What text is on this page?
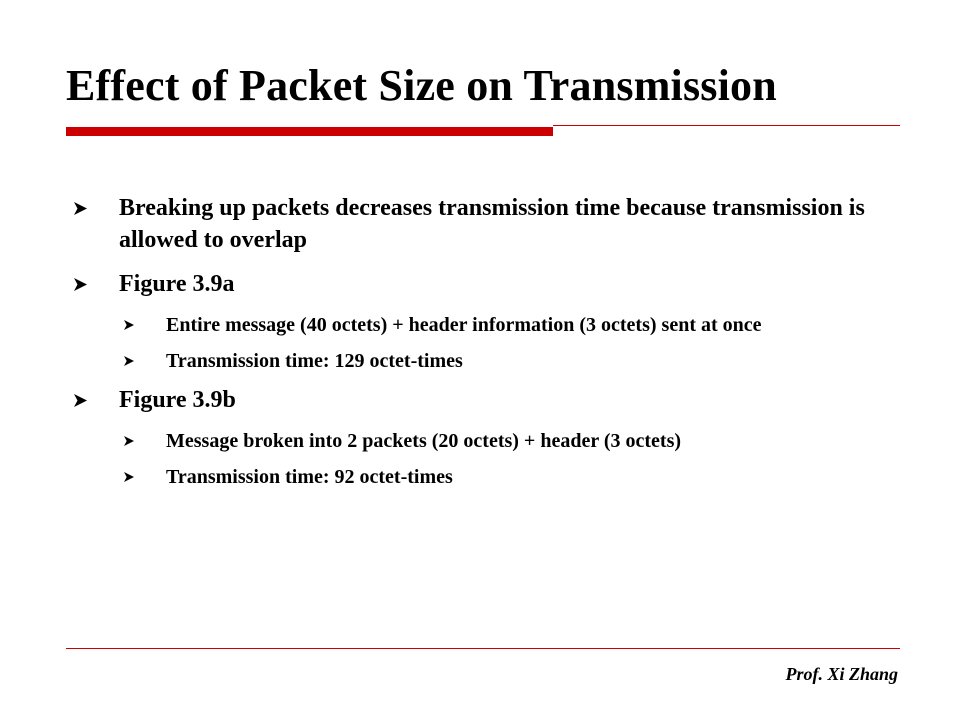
Effect of Packet Size on Transmission
Breaking up packets decreases transmission time because transmission is allowed to overlap
Figure 3.9a
Entire message (40 octets) + header information (3 octets) sent at once
Transmission time: 129 octet-times
Figure 3.9b
Message broken into 2 packets (20 octets) + header (3 octets)
Transmission time: 92 octet-times
Prof. Xi Zhang
